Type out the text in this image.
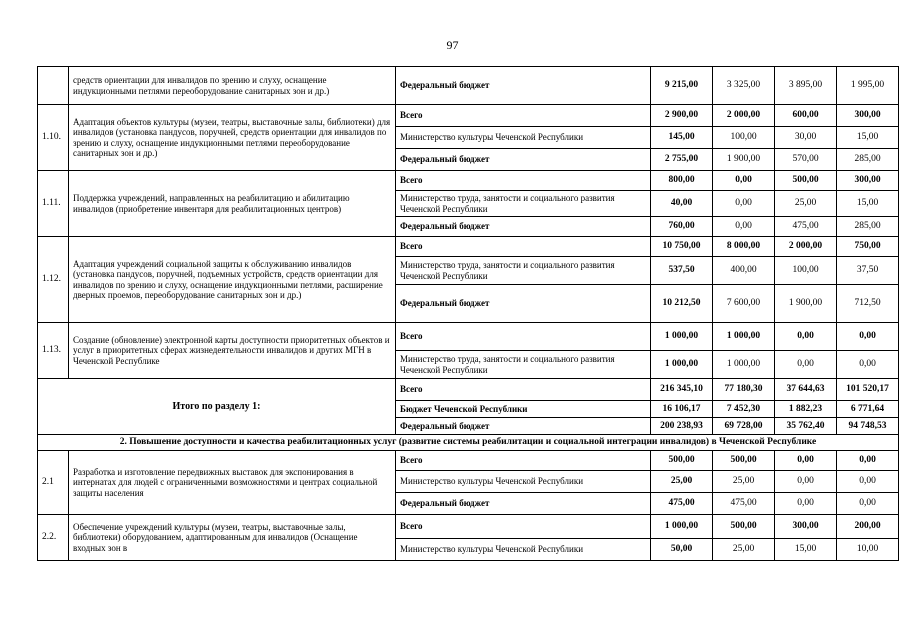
97
	средств ориентации для инвалидов по зрению и слуху, оснащение индукционными петлями переоборудование санитарных зон и др.)	Федеральный бюджет	9 215,00	3 325,00	3 895,00	1 995,00
1.10.	Адаптация объектов культуры (музеи, театры, выставочные залы, библиотеки) для инвалидов (установка пандусов, поручней, средств ориентации для инвалидов по зрению и слуху, оснащение индукционными петлями переоборудование санитарных зон и др.)	Всего	2 900,00	2 000,00	600,00	300,00
		Министерство культуры Чеченской Республики	145,00	100,00	30,00	15,00
		Федеральный бюджет	2 755,00	1 900,00	570,00	285,00
1.11.	Поддержка учреждений, направленных на реабилитацию и абилитацию инвалидов (приобретение инвентаря для реабилитационных центров)	Всего	800,00	0,00	500,00	300,00
		Министерство труда, занятости и социального развития Чеченской Республики	40,00	0,00	25,00	15,00
		Федеральный бюджет	760,00	0,00	475,00	285,00
1.12.	Адаптация учреждений социальной защиты к обслуживанию инвалидов (установка пандусов, поручней, подъемных устройств, средств ориентации для инвалидов по зрению и слуху, оснащение индукционными петлями, расширение дверных проемов, переоборудование санитарных зон и др.)	Всего	10 750,00	8 000,00	2 000,00	750,00
		Министерство труда, занятости и социального развития Чеченской Республики	537,50	400,00	100,00	37,50
		Федеральный бюджет	10 212,50	7 600,00	1 900,00	712,50
1.13.	Создание (обновление) электронной карты доступности приоритетных объектов и услуг в приоритетных сферах жизнедеятельности инвалидов и других МГН в Чеченской Республике	Всего	1 000,00	1 000,00	0,00	0,00
		Министерство труда, занятости и социального развития Чеченской Республики	1 000,00	1 000,00	0,00	0,00
Итого по разделу 1:		Всего	216 345,10	77 180,30	37 644,63	101 520,17
		Бюджет Чеченской Республики	16 106,17	7 452,30	1 882,23	6 771,64
		Федеральный бюджет	200 238,93	69 728,00	35 762,40	94 748,53
2. Повышение доступности и качества реабилитационных услуг (развитие системы реабилитации и социальной интеграции инвалидов) в Чеченской Республике						
2.1	Разработка и изготовление передвижных выставок для экспонирования в интернатах для людей с ограниченными возможностями и центрах социальной защиты населения	Всего	500,00	500,00	0,00	0,00
		Министерство культуры Чеченской Республики	25,00	25,00	0,00	0,00
		Федеральный бюджет	475,00	475,00	0,00	0,00
2.2.	Обеспечение учреждений культуры (музеи, театры, выставочные залы, библиотеки) оборудованием, адаптированным для инвалидов (Оснащение входных зон в	Всего	1 000,00	500,00	300,00	200,00
		Министерство культуры Чеченской Республики	50,00	25,00	15,00	10,00
